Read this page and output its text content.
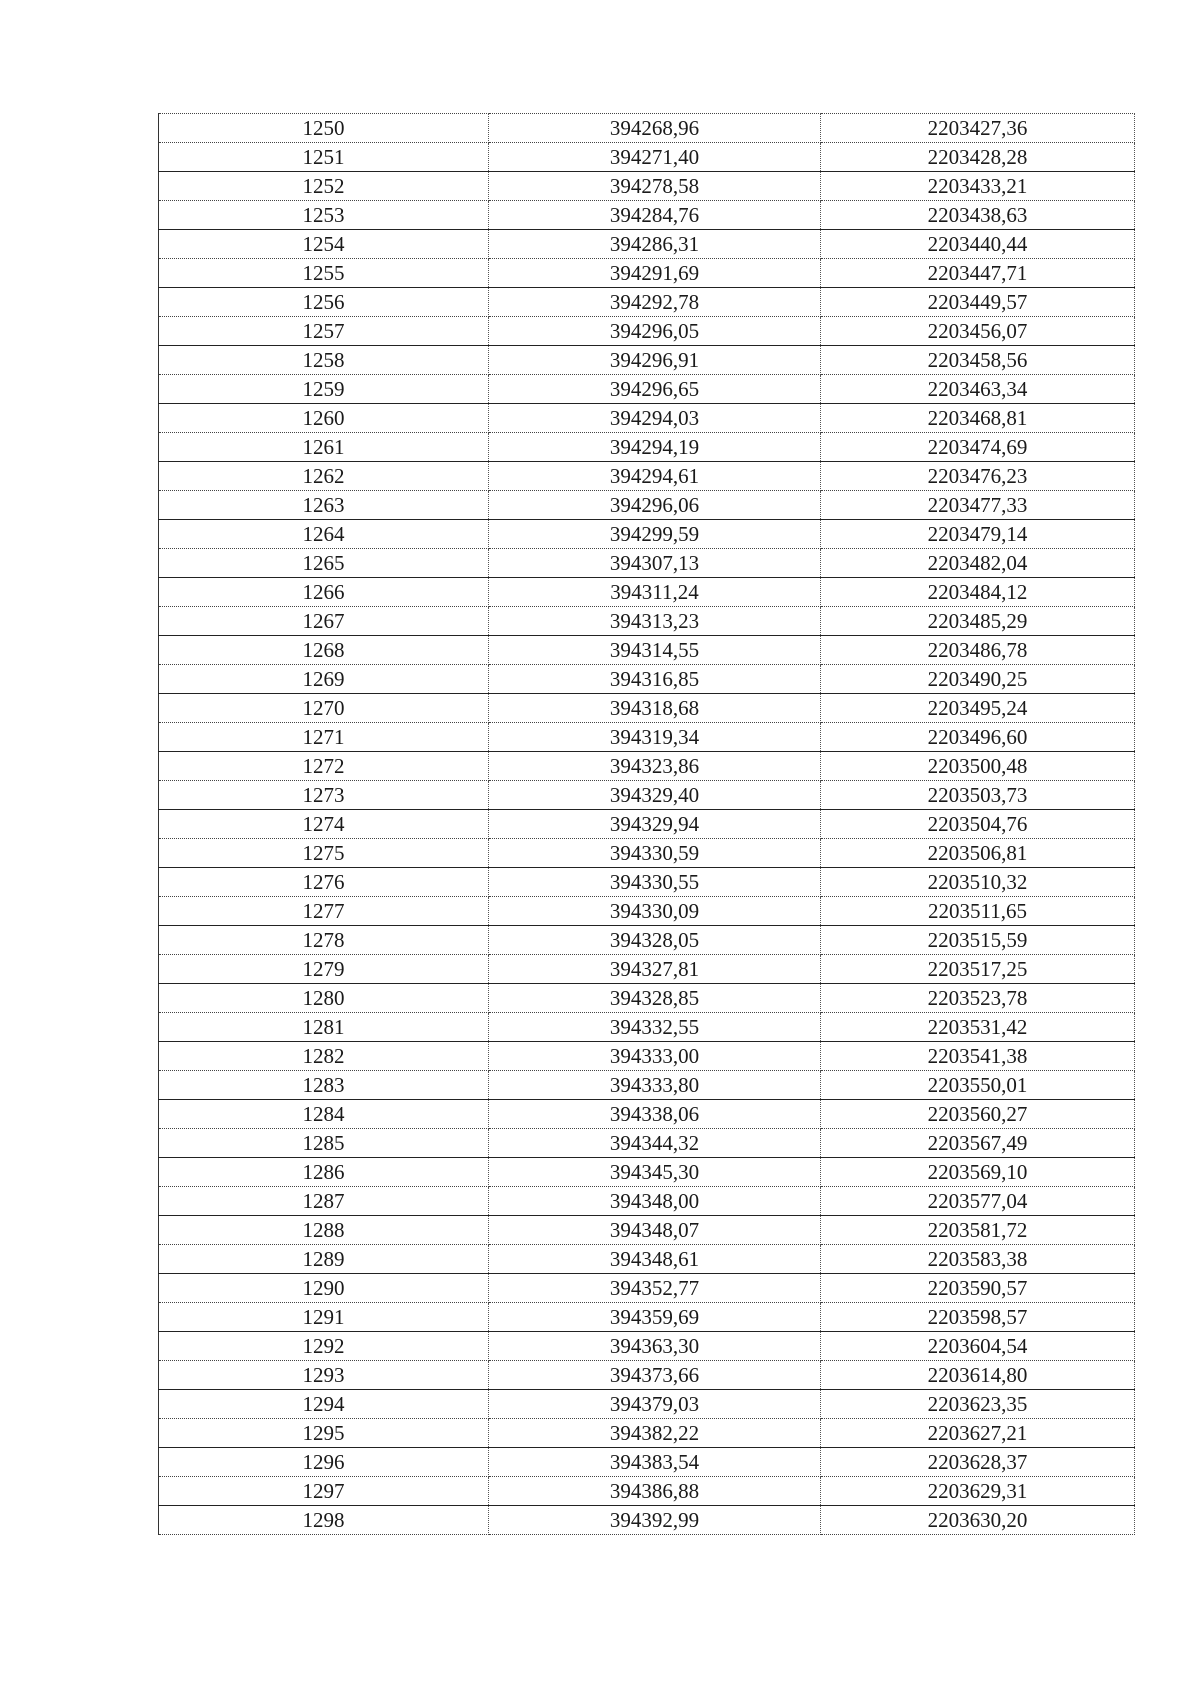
1250	394268,96	2203427,36
1251	394271,40	2203428,28
1252	394278,58	2203433,21
1253	394284,76	2203438,63
1254	394286,31	2203440,44
1255	394291,69	2203447,71
1256	394292,78	2203449,57
1257	394296,05	2203456,07
1258	394296,91	2203458,56
1259	394296,65	2203463,34
1260	394294,03	2203468,81
1261	394294,19	2203474,69
1262	394294,61	2203476,23
1263	394296,06	2203477,33
1264	394299,59	2203479,14
1265	394307,13	2203482,04
1266	394311,24	2203484,12
1267	394313,23	2203485,29
1268	394314,55	2203486,78
1269	394316,85	2203490,25
1270	394318,68	2203495,24
1271	394319,34	2203496,60
1272	394323,86	2203500,48
1273	394329,40	2203503,73
1274	394329,94	2203504,76
1275	394330,59	2203506,81
1276	394330,55	2203510,32
1277	394330,09	2203511,65
1278	394328,05	2203515,59
1279	394327,81	2203517,25
1280	394328,85	2203523,78
1281	394332,55	2203531,42
1282	394333,00	2203541,38
1283	394333,80	2203550,01
1284	394338,06	2203560,27
1285	394344,32	2203567,49
1286	394345,30	2203569,10
1287	394348,00	2203577,04
1288	394348,07	2203581,72
1289	394348,61	2203583,38
1290	394352,77	2203590,57
1291	394359,69	2203598,57
1292	394363,30	2203604,54
1293	394373,66	2203614,80
1294	394379,03	2203623,35
1295	394382,22	2203627,21
1296	394383,54	2203628,37
1297	394386,88	2203629,31
1298	394392,99	2203630,20
